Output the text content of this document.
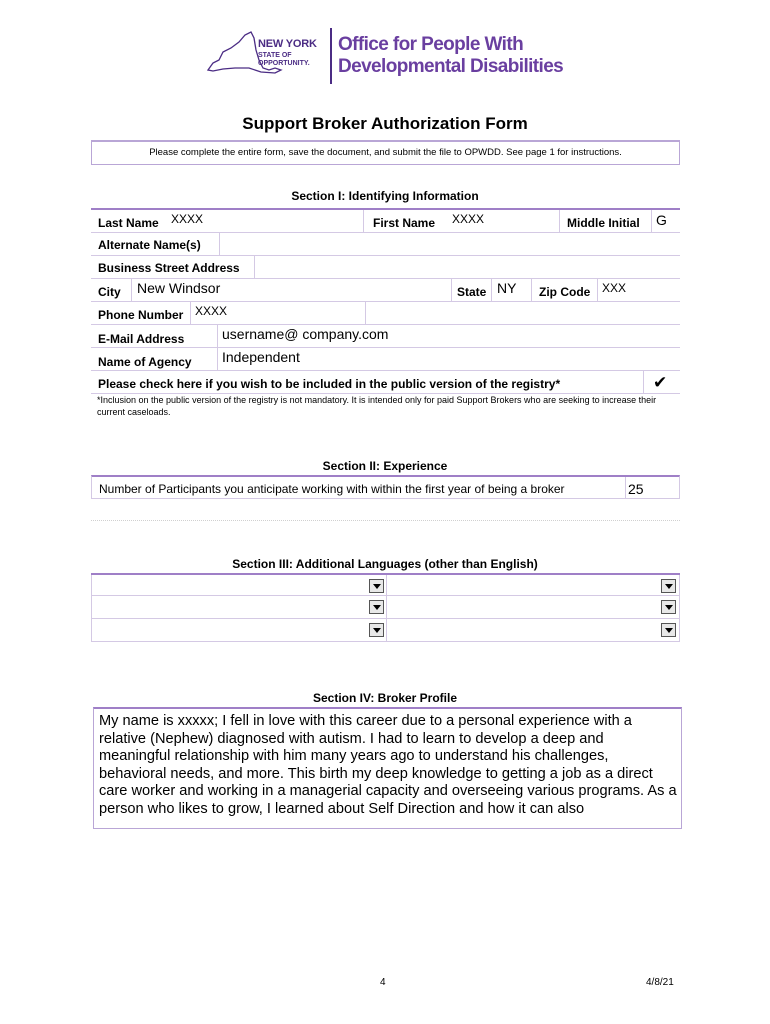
NEW YORK
STATE OF
OPPORTUNITY.
Office for People With
Developmental Disabilities
Support Broker Authorization Form
Please complete the entire form, save the document, and submit the file to OPWDD. See page 1 for instructions.
Section I: Identifying Information
Last Name XXXX	First Name XXXX	Middle Initial G
Alternate Name(s)
Business Street Address
City New Windsor	State NY Zip Code XXX
Phone Number XXXX
E-Mail Address	username@ company.com
Name of Agency Independent
Please check here if you wish to be included in the public version of the registry*	✔
*Inclusion on the public version of the registry is not mandatory. It is intended only for paid Support Brokers who are seeking to increase their current caseloads.
Section II: Experience
Number of Participants you anticipate working with within the first year of being a broker	25
Section III: Additional Languages (other than English)
Section IV: Broker Profile
My name is xxxxx; I fell in love with this career due to a personal experience with a relative (Nephew) diagnosed with autism. I had to learn to develop a deep and meaningful relationship with him many years ago to understand his challenges, behavioral needs, and more. This birth my deep knowledge to getting a job as a direct care worker and working in a managerial capacity and overseeing various programs. As a person who likes to grow, I learned about Self Direction and how it can also
4	4/8/21
